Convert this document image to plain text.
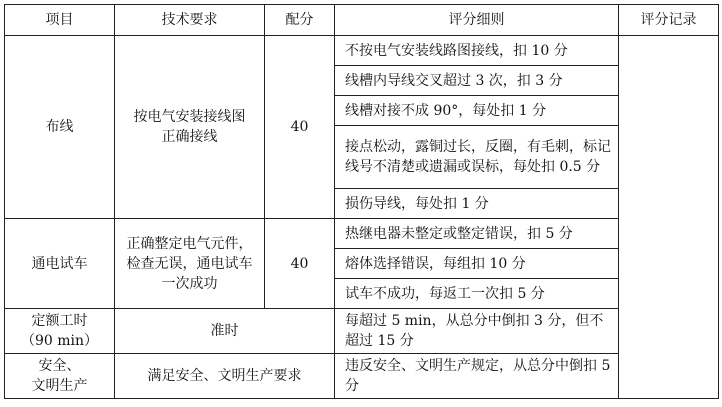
项目	技术要求	配分	评分细则	评分记录
布线	按电气安装接线图
正确接线	40	不按电气安装线路图接线，扣 10 分	
			线槽内导线交叉超过 3 次，扣 3 分	
			线槽对接不成 90°，每处扣 1 分	
			接点松动，露铜过长，反圈，有毛刺，标记线号不清楚或遗漏或误标，每处扣 0.5 分	
			损伤导线，每处扣 1 分	
通电试车	正确整定电气元件，
检查无误，通电试车
一次成功	40	热继电器未整定或整定错误，扣 5 分	
			熔体选择错误，每组扣 10 分	
			试车不成功，每返工一次扣 5 分	
定额工时
（90 min）	准时		每超过 5 min，从总分中倒扣 3 分，但不超过 15 分	
安全、
文明生产	满足安全、文明生产要求		违反安全、文明生产规定，从总分中倒扣 5 分	
